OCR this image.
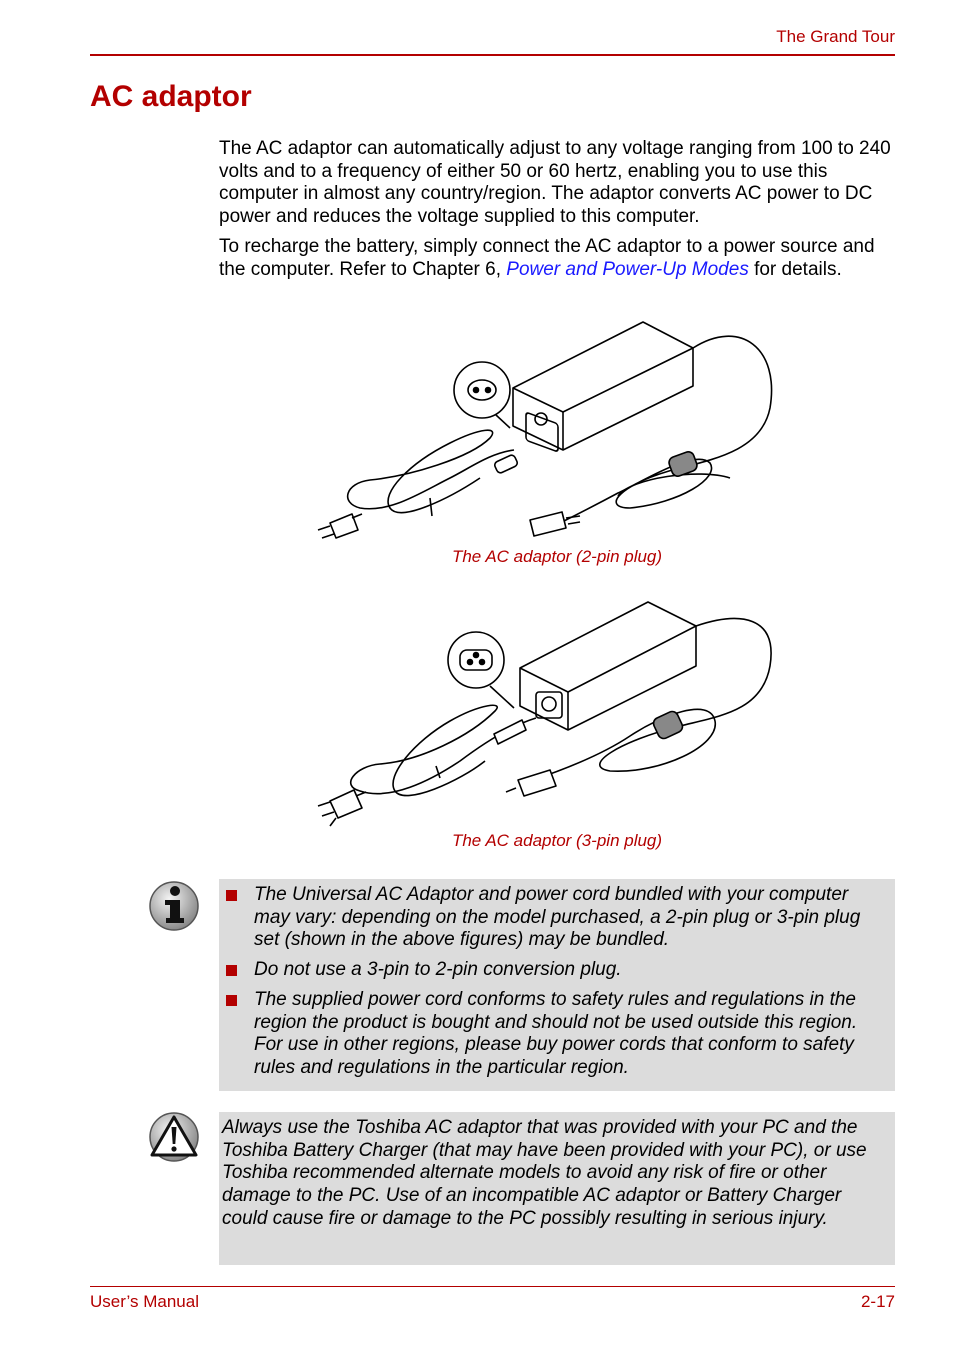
The Grand Tour
AC adaptor

The AC adaptor can automatically adjust to any voltage ranging from 100 to 240 volts and to a frequency of either 50 or 60 hertz, enabling you to use this computer in almost any country/region. The adaptor converts AC power to DC power and reduces the voltage supplied to this computer.

To recharge the battery, simply connect the AC adaptor to a power source and the computer. Refer to Chapter 6, Power and Power-Up Modes for details.

The AC adaptor (2-pin plug)
The AC adaptor (3-pin plug)
The Universal AC Adaptor and power cord bundled with your computer may vary: depending on the model purchased, a 2-pin plug or 3-pin plug set (shown in the above figures) may be bundled.
Do not use a 3-pin to 2-pin conversion plug.
The supplied power cord conforms to safety rules and regulations in the region the product is bought and should not be used outside this region. For use in other regions, please buy power cords that conform to safety rules and regulations in the particular region.

Always use the Toshiba AC adaptor that was provided with your PC and the Toshiba Battery Charger (that may have been provided with your PC), or use Toshiba recommended alternate models to avoid any risk of fire or other damage to the PC. Use of an incompatible AC adaptor or Battery Charger could cause fire or damage to the PC possibly resulting in serious injury.

User’s Manual	2-17
